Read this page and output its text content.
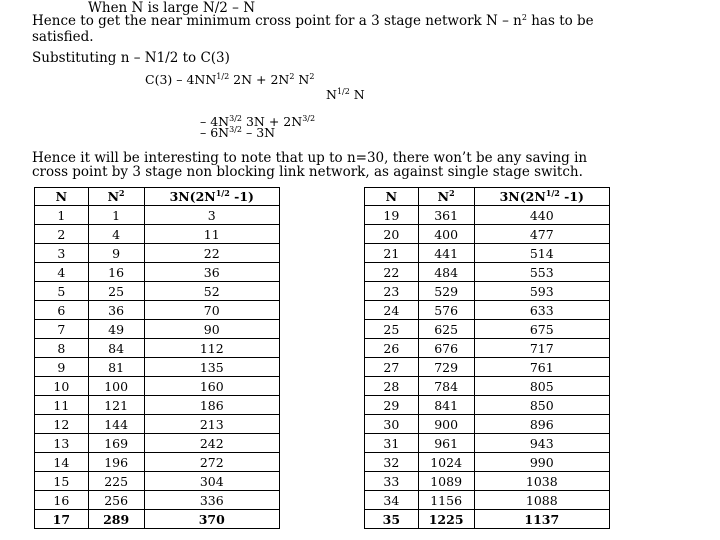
When N is large N/2 – N
Hence to get the near minimum cross point for a 3 stage network N – $n^2$ has to be
satisfied.
Substituting n – N1/2 to C(3)
$C(3) - 4NN^{1/2}$ $2N + 2N^2$ $N^2$
$N^{1/2}$ N
– $4N^{3/2}$ $3N + 2N^{3/2}$
– $6N^{3/2} - 3N$
Hence it will be interesting to note that up to n=30, there won’t be any saving in
cross point by 3 stage non blocking link network, as against single stage switch.
N	$N^2$	$3N(2N^{1/2}$ -1)
1	1	3
2	4	11
3	9	22
4	16	36
5	25	52
6	36	70
7	49	90
8	84	112
9	81	135
10	100	160
11	121	186
12	144	213
13	169	242
14	196	272
15	225	304
16	256	336
17	289	370
N	$N^2$	$3N(2N^{1/2}$ -1)
19	361	440
20	400	477
21	441	514
22	484	553
23	529	593
24	576	633
25	625	675
26	676	717
27	729	761
28	784	805
29	841	850
30	900	896
31	961	943
32	1024	990
33	1089	1038
34	1156	1088
35	1225	1137
